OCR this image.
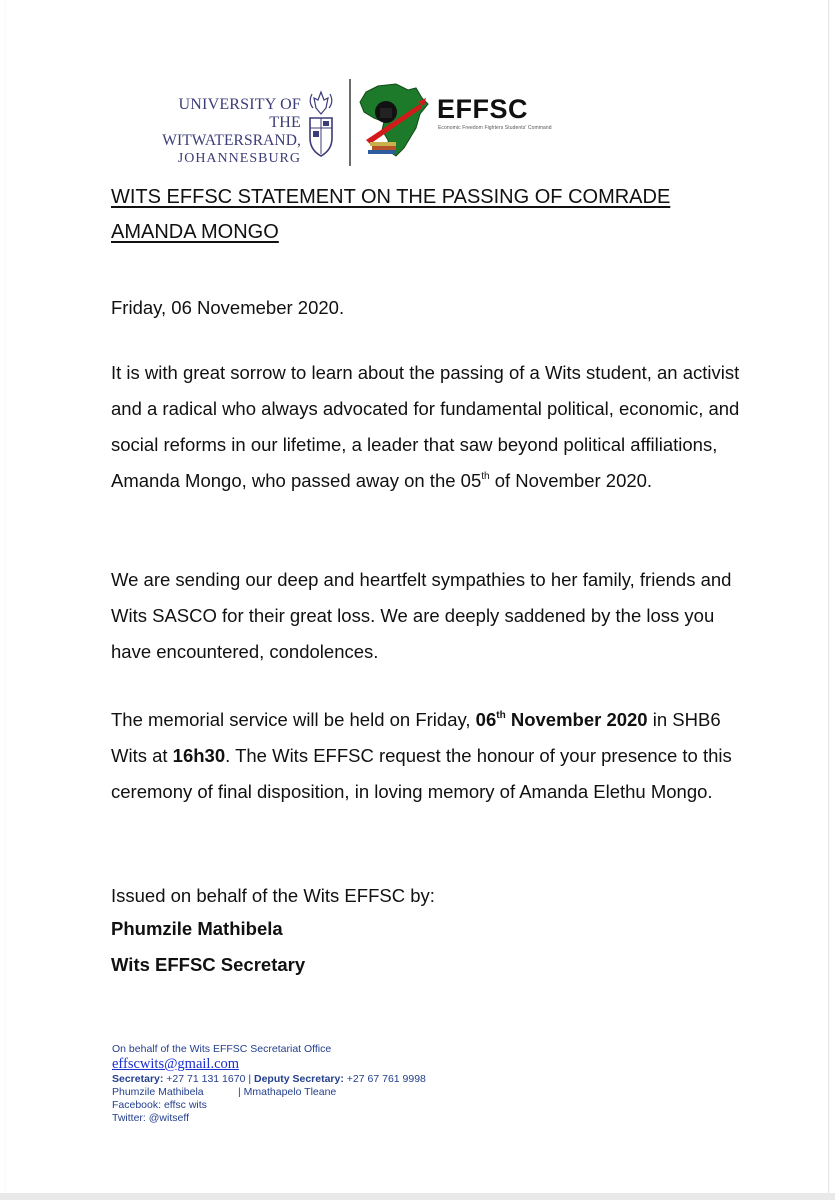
UNIVERSITY OF THE
WITWATERSRAND,
JOHANNESBURG
EFFSC
Economic Freedom Fighters Students' Command
WITS EFFSC STATEMENT ON THE PASSING OF COMRADE AMANDA MONGO

Friday, 06 Novemeber 2020.

It is with great sorrow to learn about the passing of a Wits student, an activist and a radical who always advocated for fundamental political, economic, and social reforms in our lifetime, a leader that saw beyond political affiliations, Amanda Mongo, who passed away on the 05th of November 2020.

We are sending our deep and heartfelt sympathies to her family, friends and Wits SASCO for their great loss. We are deeply saddened by the loss you have encountered, condolences.

The memorial service will be held on Friday, 06th November 2020 in SHB6 Wits at 16h30. The Wits EFFSC request the honour of your presence to this ceremony of final disposition, in loving memory of Amanda Elethu Mongo.

Issued on behalf of the Wits EFFSC by:

Phumzile Mathibela
Wits EFFSC Secretary
On behalf of the Wits EFFSC Secretariat Office
effscwits@gmail.com
Secretary: +27 71 131 1670 | Deputy Secretary: +27 67 761 9998
Phumzile Mathibela	| Mmathapelo Tleane
Facebook: effsc wits
Twitter: @witseff
